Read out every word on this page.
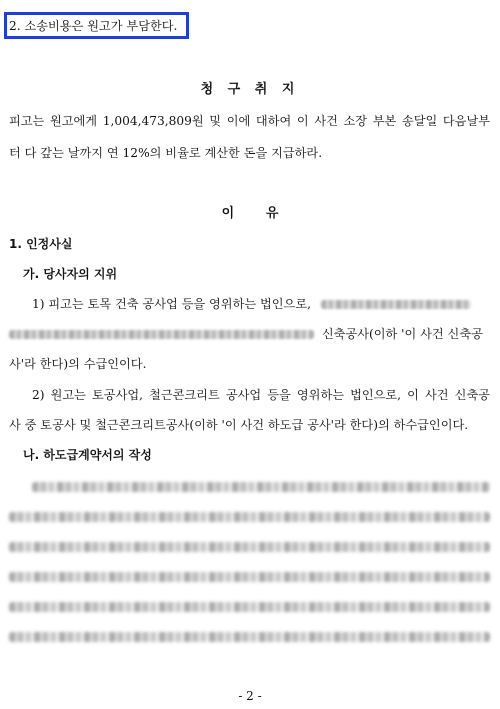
2. 소송비용은 원고가 부담한다.
청 구 취 지
피고는 원고에게 1,004,473,809원 및 이에 대하여 이 사건 소장 부본 송달일 다음날부
터 다 갚는 날까지 연 12%의 비율로 계산한 돈을 지급하라.
이       유
1. 인정사실
가. 당사자의 지위
1) 피고는 토목 건축 공사업 등을 영위하는 법인으로,
신축공사(이하 '이 사건 신축공
사'라 한다)의 수급인이다.
2) 원고는 토공사업, 철근콘크리트 공사업 등을 영위하는 법인으로, 이 사건 신축공
사 중 토공사 및 철근콘크리트공사(이하 '이 사건 하도급 공사'라 한다)의 하수급인이다.
나. 하도급계약서의 작성
- 2 -
